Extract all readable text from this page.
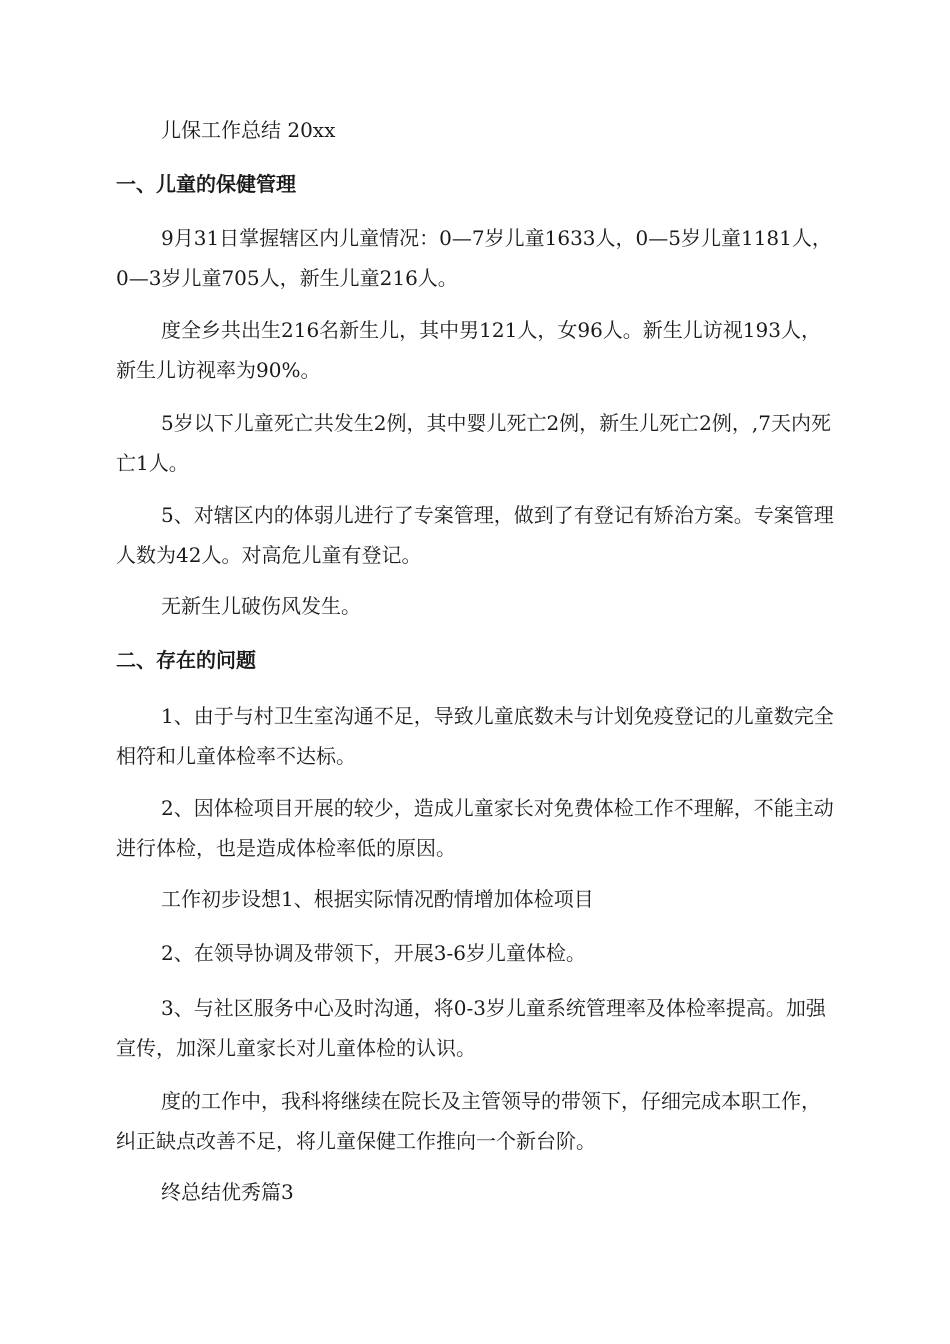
儿保工作总结 20xx

一、儿童的保健管理

9月31日掌握辖区内儿童情况：0—7岁儿童1633人，0—5岁儿童1181人，0—3岁儿童705人，新生儿童216人。

度全乡共出生216名新生儿，其中男121人，女96人。新生儿访视193人，新生儿访视率为90%。

5岁以下儿童死亡共发生2例，其中婴儿死亡2例，新生儿死亡2例，,7天内死亡1人。

5、对辖区内的体弱儿进行了专案管理，做到了有登记有矫治方案。专案管理人数为42人。对高危儿童有登记。

无新生儿破伤风发生。

二、存在的问题

1、由于与村卫生室沟通不足，导致儿童底数未与计划免疫登记的儿童数完全相符和儿童体检率不达标。

2、因体检项目开展的较少，造成儿童家长对免费体检工作不理解，不能主动进行体检，也是造成体检率低的原因。

工作初步设想1、根据实际情况酌情增加体检项目

2、在领导协调及带领下，开展3-6岁儿童体检。

3、与社区服务中心及时沟通，将0-3岁儿童系统管理率及体检率提高。加强宣传，加深儿童家长对儿童体检的认识。

度的工作中，我科将继续在院长及主管领导的带领下，仔细完成本职工作，纠正缺点改善不足，将儿童保健工作推向一个新台阶。

终总结优秀篇3
